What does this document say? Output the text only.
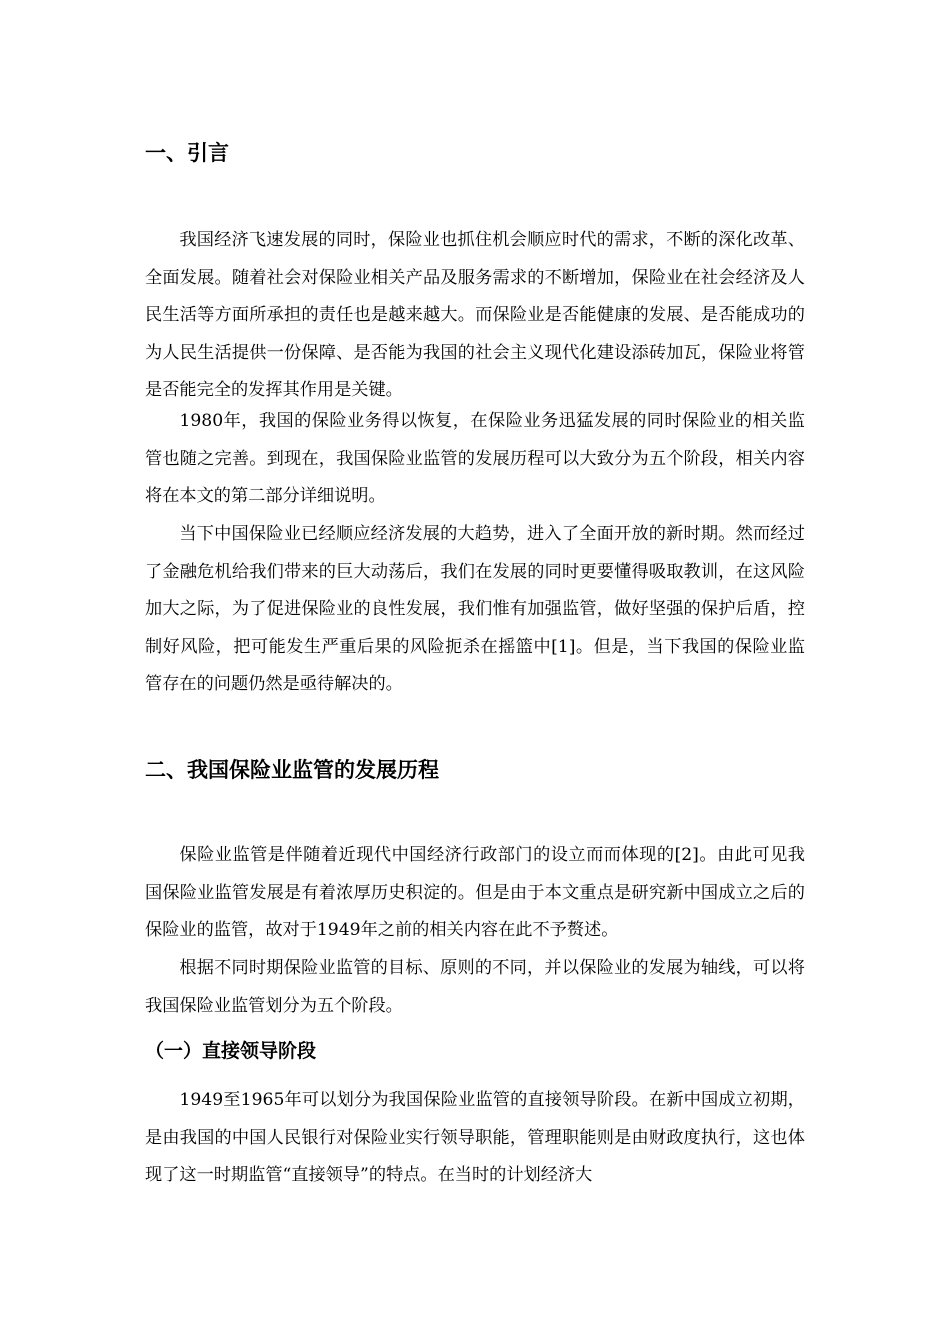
一、引言

我国经济飞速发展的同时，保险业也抓住机会顺应时代的需求，不断的深化改革、全面发展。随着社会对保险业相关产品及服务需求的不断增加，保险业在社会经济及人民生活等方面所承担的责任也是越来越大。而保险业是否能健康的发展、是否能成功的为人民生活提供一份保障、是否能为我国的社会主义现代化建设添砖加瓦，保险业将管是否能完全的发挥其作用是关键。

1980年，我国的保险业务得以恢复，在保险业务迅猛发展的同时保险业的相关监管也随之完善。到现在，我国保险业监管的发展历程可以大致分为五个阶段，相关内容将在本文的第二部分详细说明。

当下中国保险业已经顺应经济发展的大趋势，进入了全面开放的新时期。然而经过了金融危机给我们带来的巨大动荡后，我们在发展的同时更要懂得吸取教训，在这风险加大之际，为了促进保险业的良性发展，我们惟有加强监管，做好坚强的保护后盾，控制好风险，把可能发生严重后果的风险扼杀在摇篮中[1]。但是，当下我国的保险业监管存在的问题仍然是亟待解决的。

二、我国保险业监管的发展历程

保险业监管是伴随着近现代中国经济行政部门的设立而而体现的[2]。由此可见我国保险业监管发展是有着浓厚历史积淀的。但是由于本文重点是研究新中国成立之后的保险业的监管，故对于1949年之前的相关内容在此不予赘述。

根据不同时期保险业监管的目标、原则的不同，并以保险业的发展为轴线，可以将我国保险业监管划分为五个阶段。

（一）直接领导阶段

1949至1965年可以划分为我国保险业监管的直接领导阶段。在新中国成立初期，是由我国的中国人民银行对保险业实行领导职能，管理职能则是由财政度执行，这也体现了这一时期监管“直接领导”的特点。在当时的计划经济大
